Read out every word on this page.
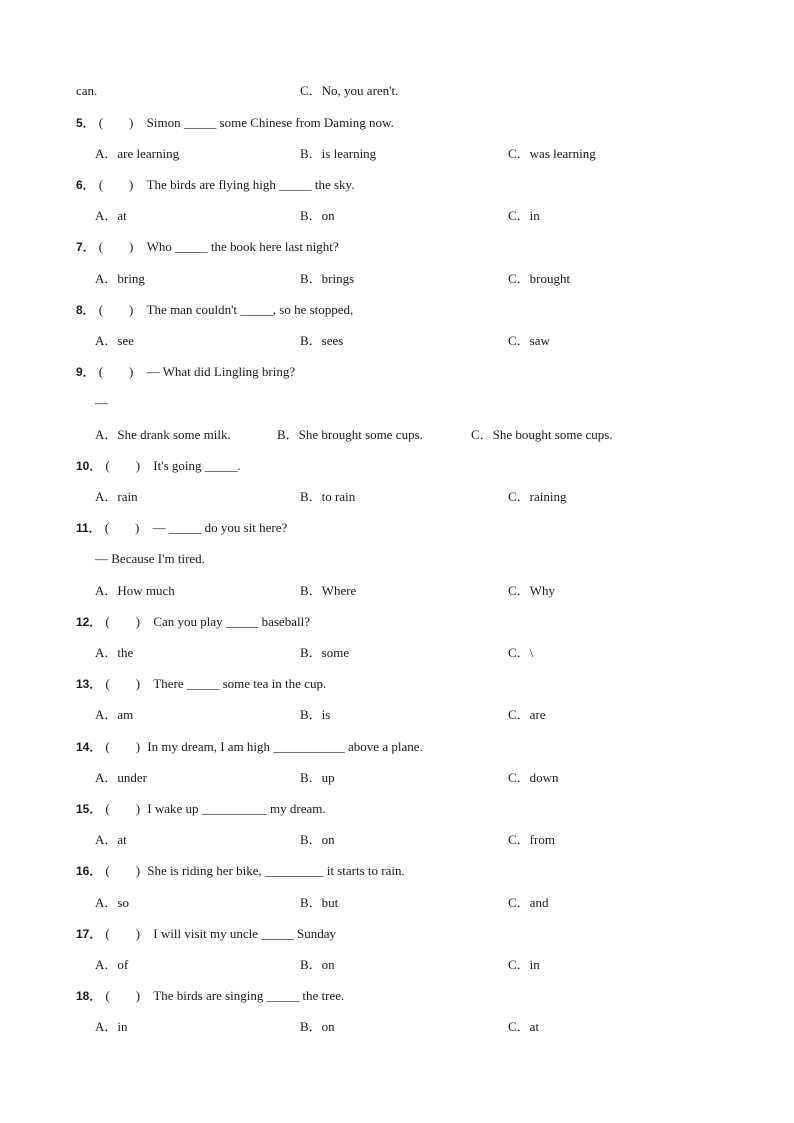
can.	C．No, you aren't.
5． (　　) Simon _____ some Chinese from Daming now.
A．are learning	B．is learning	C．was learning
6． (　　) The birds are flying high _____ the sky.
A．at	B．on	C．in
7． (　　) Who _____ the book here last night?
A．bring	B．brings	C．brought
8． (　　) The man couldn't _____, so he stopped,
A．see	B．sees	C．saw
9． (　　) — What did Lingling bring?
—
A．She drank some milk.	B．She brought some cups.	C．She bought some cups.
10． (　　) It's going _____.
A．rain	B．to rain	C．raining
11． (　　) — _____ do you sit here?
— Because I'm tired.
A．How much	B．Where	C．Why
12． (　　) Can you play _____ baseball?
A．the	B．some	C．\
13． (　　) There _____ some tea in the cup.
A．am	B．is	C．are
14． (　　) In my dream, I am high ___________ above a plane.
A．under	B．up	C．down
15． (　　) I wake up __________ my dream.
A．at	B．on	C．from
16． (　　) She is riding her bike, _________ it starts to rain.
A．so	B．but	C．and
17． (　　) I will visit my uncle _____ Sunday
A．of	B．on	C．in
18． (　　) The birds are singing _____ the tree.
A．in	B．on	C．at
